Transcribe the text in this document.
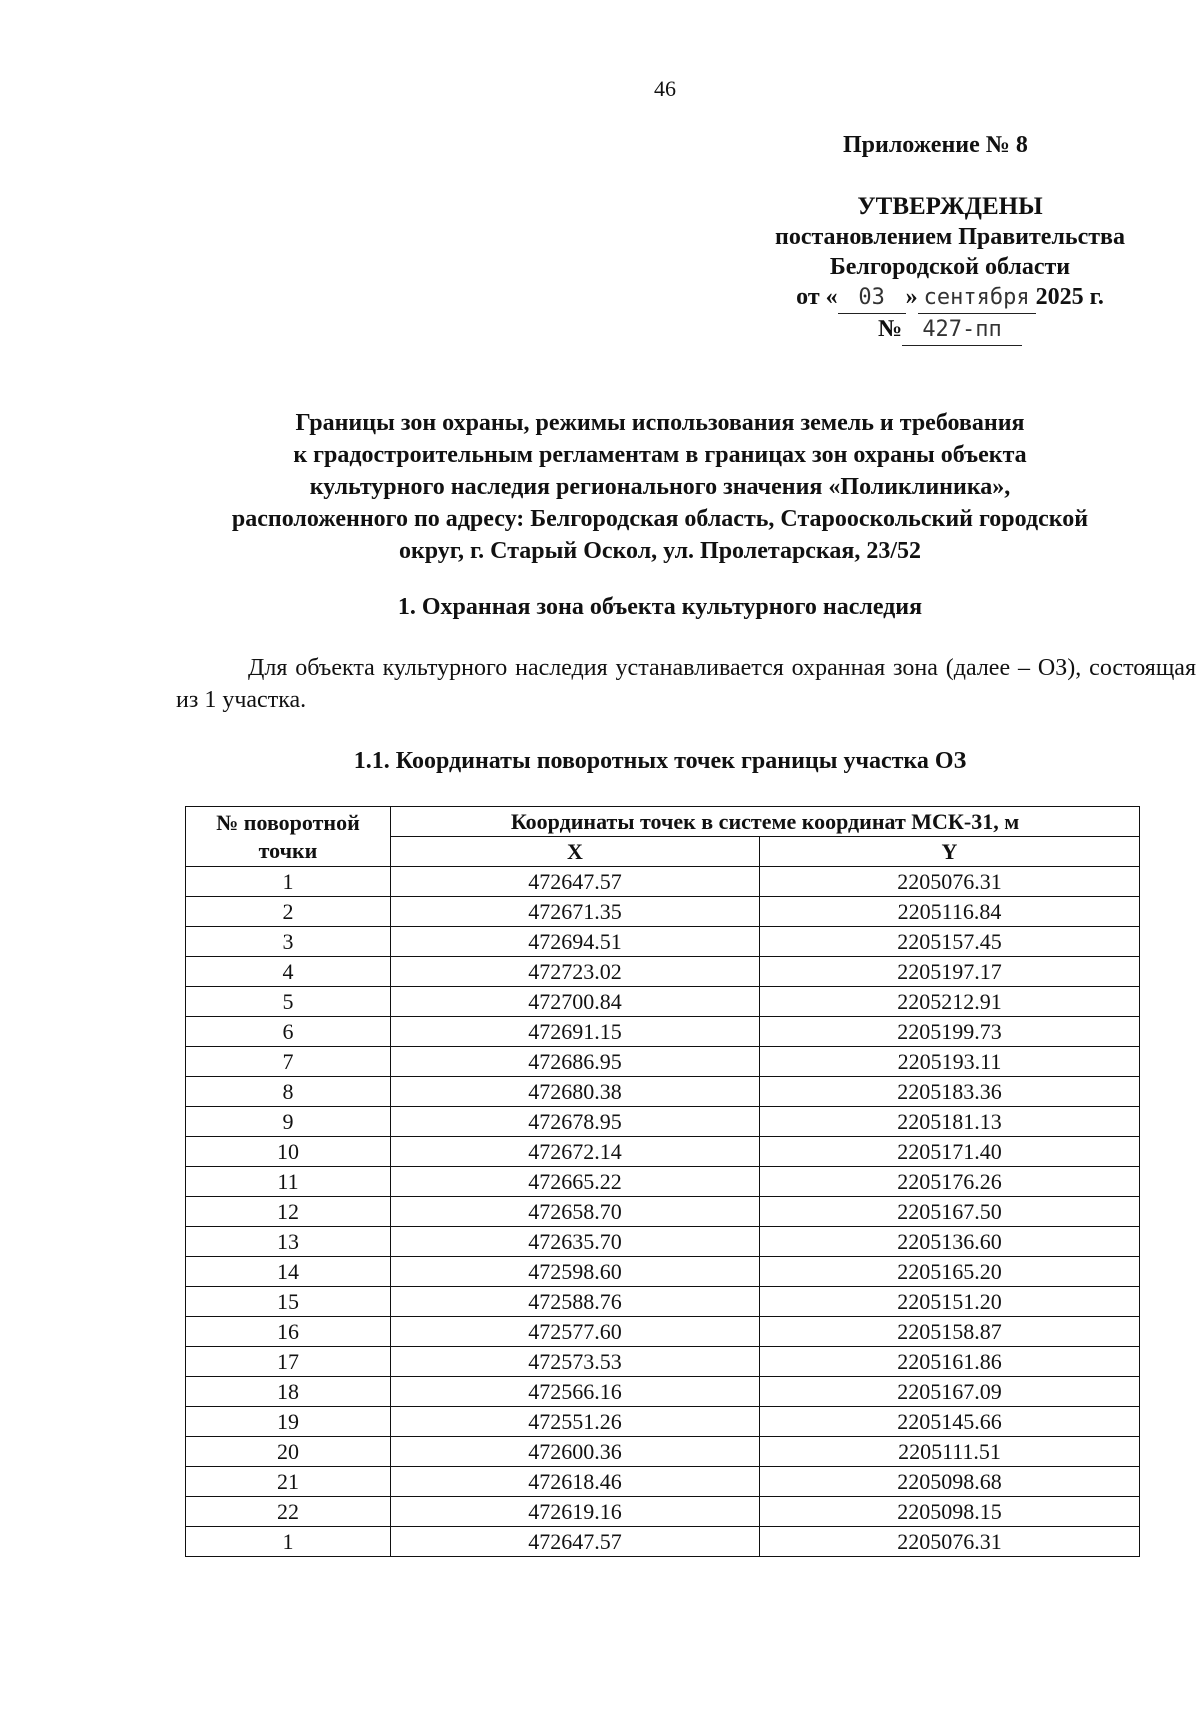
46
Приложение № 8
УТВЕРЖДЕНЫ
постановлением Правительства
Белгородской области
от « 03 » сентября 2025 г.
№ 427-пп
Границы зон охраны, режимы использования земель и требования
к градостроительным регламентам в границах зон охраны объекта
культурного наследия регионального значения «Поликлиника»,
расположенного по адресу: Белгородская область, Старооскольский городской
округ, г. Старый Оскол, ул. Пролетарская, 23/52
1. Охранная зона объекта культурного наследия
Для объекта культурного наследия устанавливается охранная зона (далее – ОЗ), состоящая из 1 участка.
1.1. Координаты поворотных точек границы участка ОЗ
№ поворотной точки	Координаты точек в системе координат МСК-31, м	
	X	Y
1	472647.57	2205076.31
2	472671.35	2205116.84
3	472694.51	2205157.45
4	472723.02	2205197.17
5	472700.84	2205212.91
6	472691.15	2205199.73
7	472686.95	2205193.11
8	472680.38	2205183.36
9	472678.95	2205181.13
10	472672.14	2205171.40
11	472665.22	2205176.26
12	472658.70	2205167.50
13	472635.70	2205136.60
14	472598.60	2205165.20
15	472588.76	2205151.20
16	472577.60	2205158.87
17	472573.53	2205161.86
18	472566.16	2205167.09
19	472551.26	2205145.66
20	472600.36	2205111.51
21	472618.46	2205098.68
22	472619.16	2205098.15
1	472647.57	2205076.31
